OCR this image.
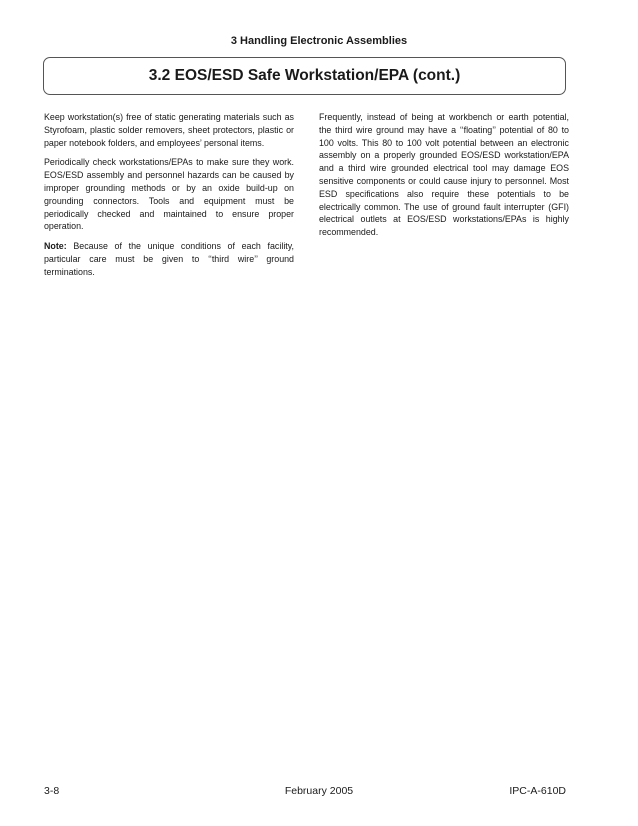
3 Handling Electronic Assemblies
3.2 EOS/ESD Safe Workstation/EPA (cont.)

Keep workstation(s) free of static generating materials such as Styrofoam, plastic solder removers, sheet protectors, plastic or paper notebook folders, and employees’ personal items.

Periodically check workstations/EPAs to make sure they work. EOS/ESD assembly and personnel hazards can be caused by improper grounding methods or by an oxide build-up on grounding connectors. Tools and equipment must be periodically checked and maintained to ensure proper operation.

Note: Because of the unique conditions of each facility, particular care must be given to ‘‘third wire’’ ground terminations.

Frequently, instead of being at workbench or earth potential, the third wire ground may have a ‘‘floating’’ potential of 80 to 100 volts. This 80 to 100 volt potential between an electronic assembly on a properly grounded EOS/ESD workstation/EPA and a third wire grounded electrical tool may damage EOS sensitive components or could cause injury to personnel. Most ESD specifications also require these potentials to be electrically common. The use of ground fault interrupter (GFI) electrical outlets at EOS/ESD workstations/EPAs is highly recommended.

3-8	February 2005	IPC-A-610D
